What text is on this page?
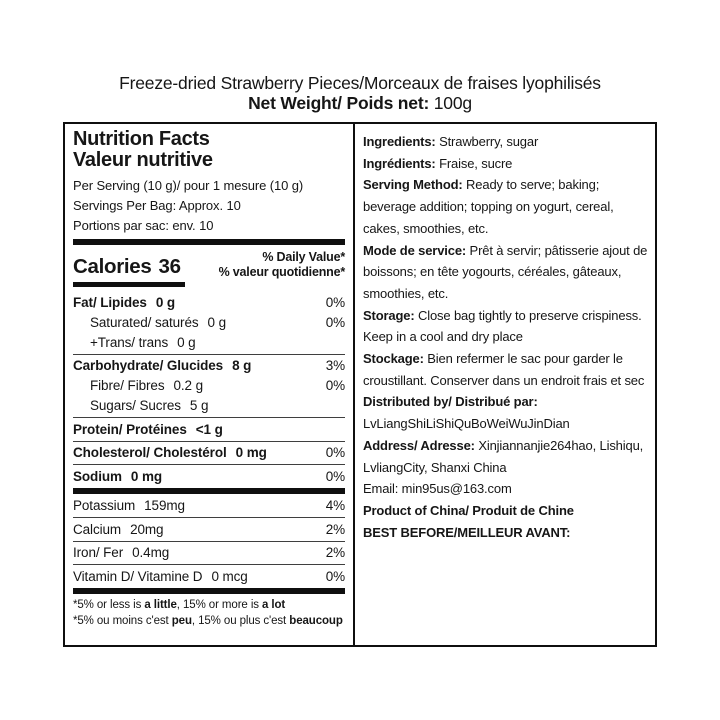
Freeze-dried Strawberry Pieces/Morceaux de fraises lyophilisés
Net Weight/ Poids net: 100g
Nutrition Facts
Valeur nutritive
Per Serving (10 g)/ pour 1 mesure (10 g)
Servings Per Bag: Approx. 10
Portions par sac: env. 10
Calories 36	% Daily Value*
% valeur quotidienne*
Fat/ Lipides 0 g	0%
Saturated/ saturés 0 g	0%
+Trans/ trans 0 g
Carbohydrate/ Glucides 8 g	3%
Fibre/ Fibres 0.2 g	0%
Sugars/ Sucres 5 g
Protein/ Protéines <1 g
Cholesterol/ Cholestérol 0 mg	0%
Sodium 0 mg	0%
Potassium 159mg	4%
Calcium 20mg	2%
Iron/ Fer 0.4mg	2%
Vitamin D/ Vitamine D 0 mcg	0%
*5% or less is a little, 15% or more is a lot
*5% ou moins c'est peu, 15% ou plus c'est beaucoup
Ingredients: Strawberry, sugar
Ingrédients: Fraise, sucre
Serving Method: Ready to serve; baking; beverage addition; topping on yogurt, cereal, cakes, smoothies, etc.
Mode de service: Prêt à servir; pâtisserie ajout de boissons; en tête yogourts, céréales, gâteaux, smoothies, etc.
Storage: Close bag tightly to preserve crispiness. Keep in a cool and dry place
Stockage: Bien refermer le sac pour garder le croustillant. Conserver dans un endroit frais et sec
Distributed by/ Distribué par: LvLiangShiLiShiQuBoWeiWuJinDian
Address/ Adresse: Xinjiannanjie264hao, Lishiqu, LvliangCity, Shanxi China
Email: min95us@163.com
Product of China/ Produit de Chine
BEST BEFORE/MEILLEUR AVANT:
